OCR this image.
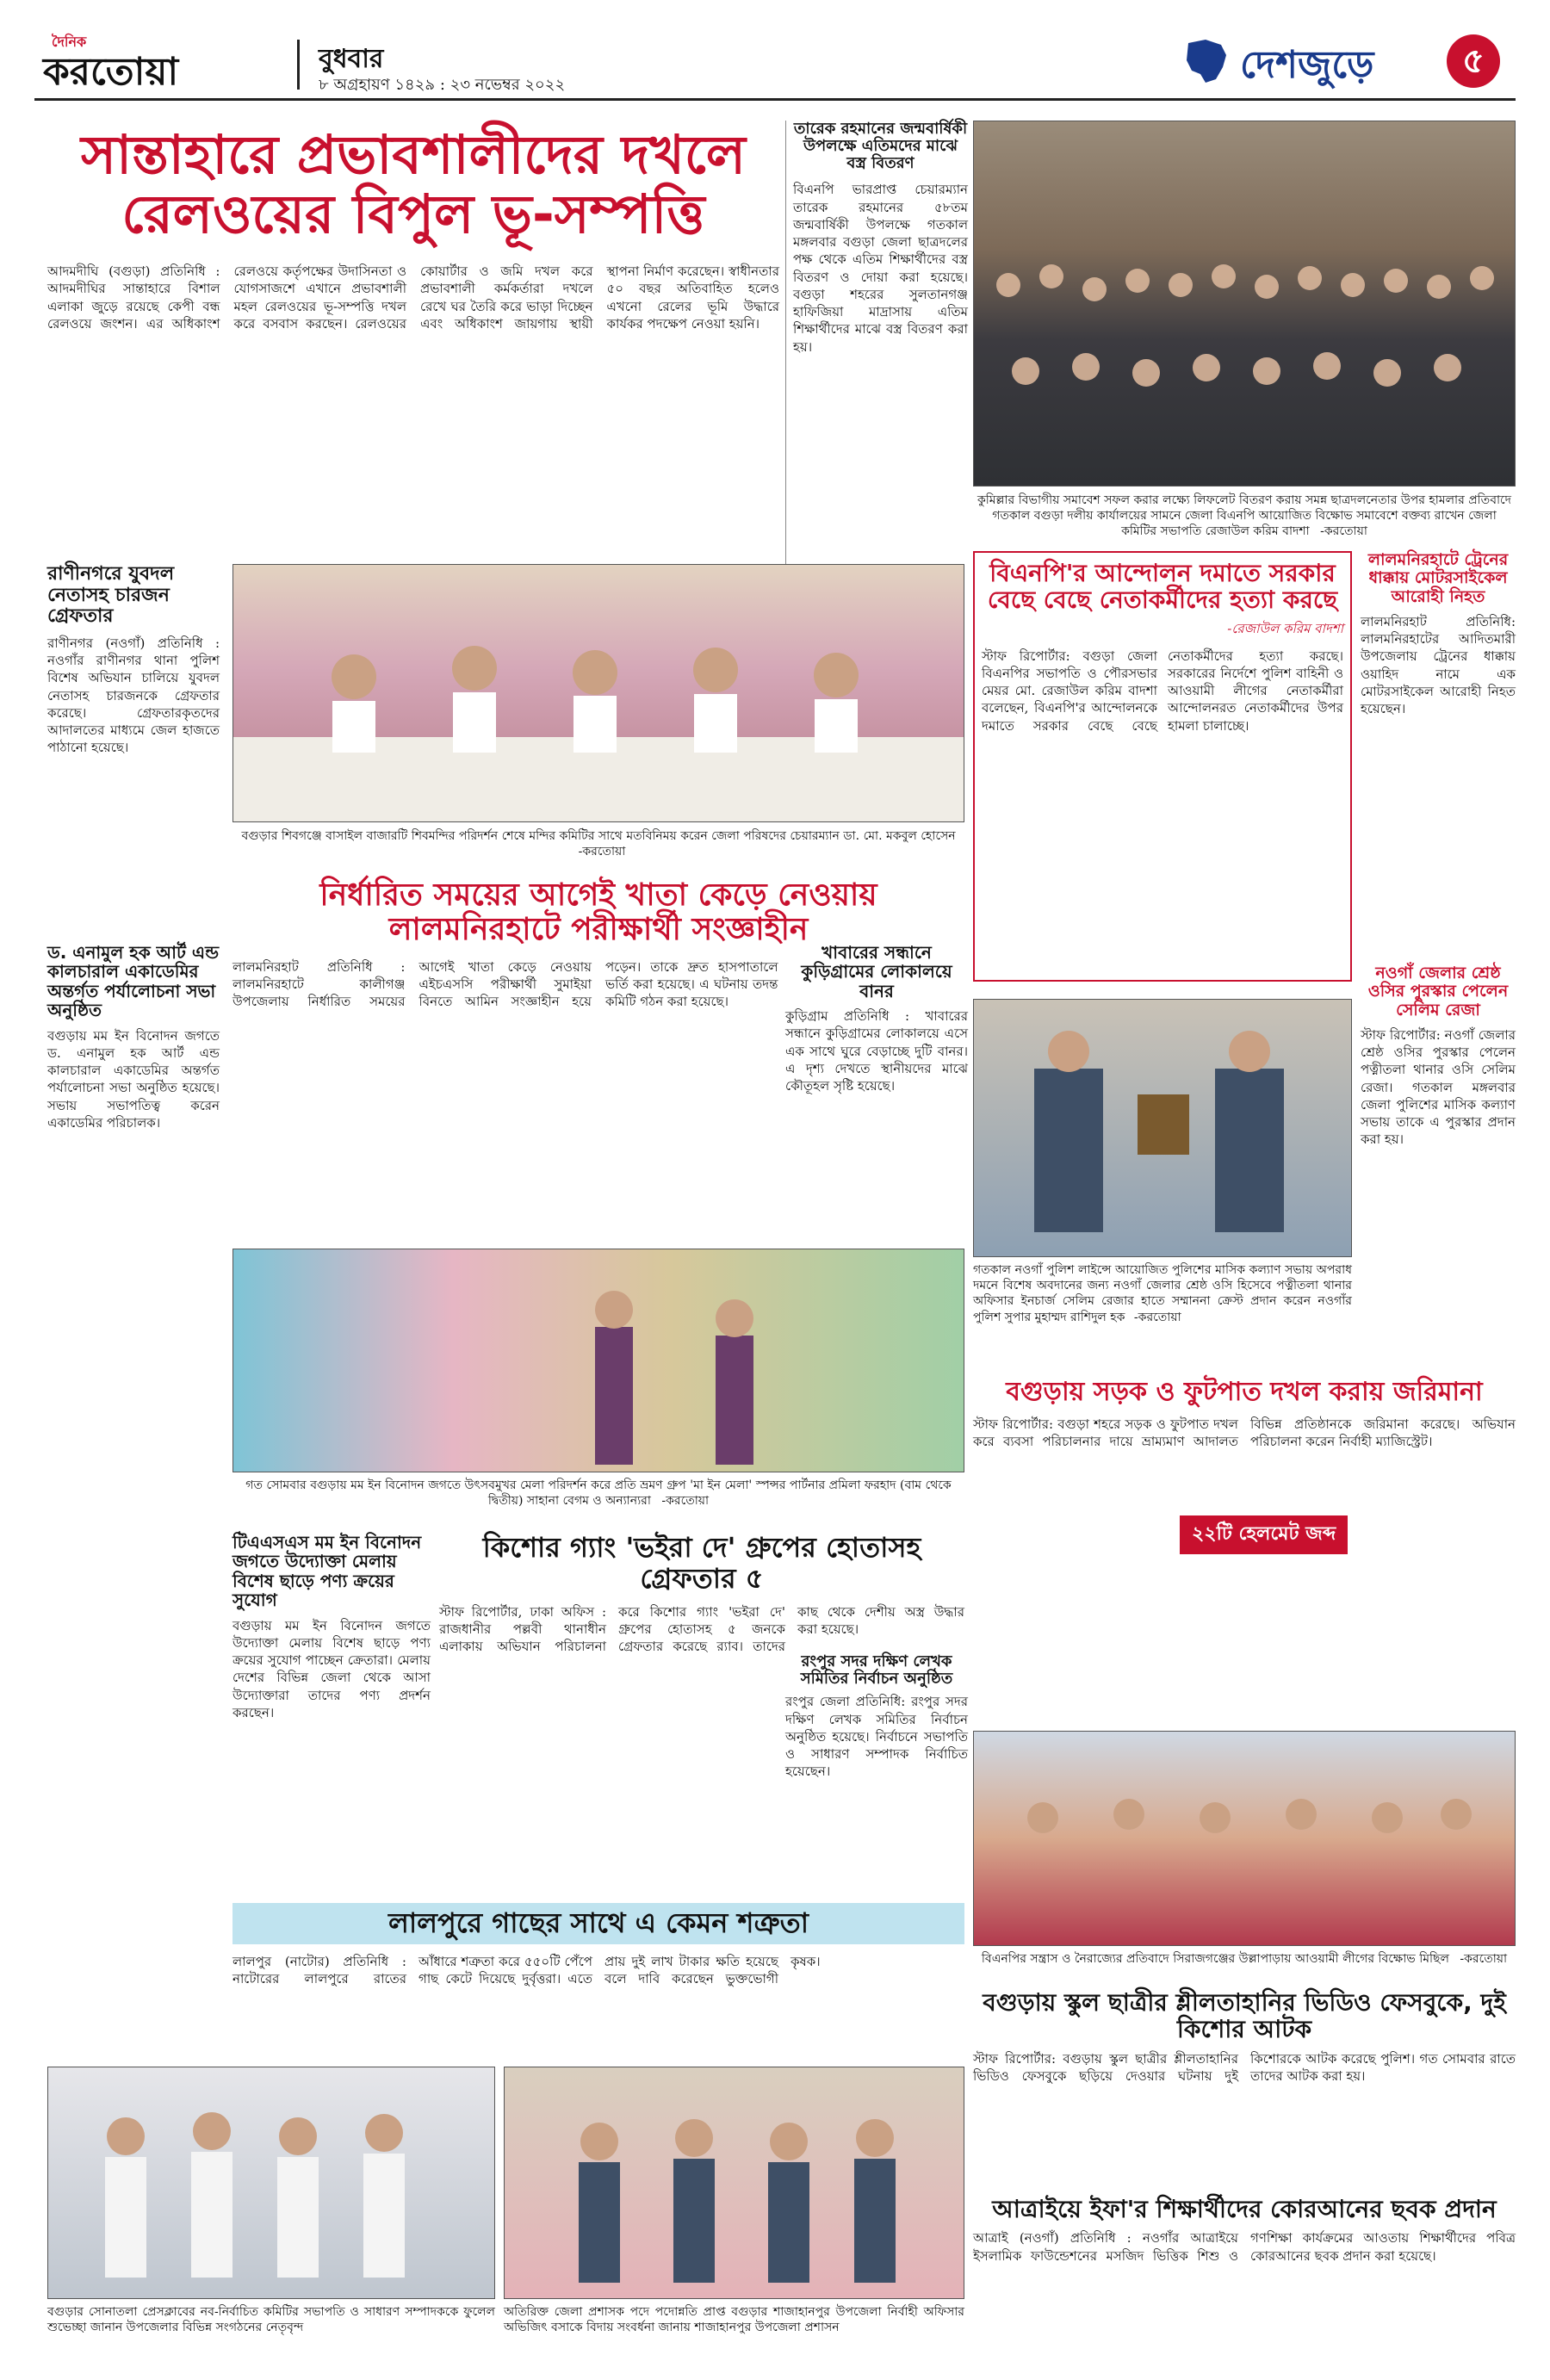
দৈনিক
করতোয়া	বুধবার
৮ অগ্রহায়ণ ১৪২৯ : ২৩ নভেম্বর ২০২২	দেশজুড়ে	৫

সান্তাহারে প্রভাবশালীদের দখলে রেলওয়ের বিপুল ভূ-সম্পত্তি

আদমদীঘি (বগুড়া) প্রতিনিধি : আদমদীঘির সান্তাহারে বিশাল এলাকা জুড়ে রয়েছে কেপী বন্ধ রেলওয়ে জংশন। এর অধিকাংশ রেলওয়ে কর্তৃপক্ষের উদাসিনতা ও যোগসাজশে এখানে প্রভাবশালী মহল রেলওয়ের ভূ-সম্পত্তি দখল করে বসবাস করছেন। রেলওয়ের কোয়ার্টার ও জমি দখল করে প্রভাবশালী কর্মকর্তারা দখলে রেখে ঘর তৈরি করে ভাড়া দিচ্ছেন এবং অধিকাংশ জায়গায় স্থায়ী স্থাপনা নির্মাণ করেছেন। স্বাধীনতার ৫০ বছর অতিবাহিত হলেও এখনো রেলের ভূমি উদ্ধারে কার্যকর পদক্ষেপ নেওয়া হয়নি।

তারেক রহমানের জন্মবার্ষিকী উপলক্ষে এতিমদের মাঝে বস্ত্র বিতরণ

বিএনপি ভারপ্রাপ্ত চেয়ারম্যান তারেক রহমানের ৫৮তম জন্মবার্ষিকী উপলক্ষে গতকাল মঙ্গলবার বগুড়া জেলা ছাত্রদলের পক্ষ থেকে এতিম শিক্ষার্থীদের বস্ত্র বিতরণ ও দোয়া করা হয়েছে। বগুড়া শহরের সুলতানগঞ্জ হাফিজিয়া মাদ্রাসায় এতিম শিক্ষার্থীদের মাঝে বস্ত্র বিতরণ করা হয়।
কুমিল্লার বিভাগীয় সমাবেশ সফল করার লক্ষ্যে লিফলেট বিতরণ করায় সমন্ন ছাত্রদলনেতার উপর হামলার প্রতিবাদে গতকাল বগুড়া দলীয় কার্যালয়ের সামনে জেলা বিএনপি আয়োজিত বিক্ষোভ সমাবেশে বক্তব্য রাখেন জেলা কমিটির সভাপতি রেজাউল করিম বাদশা -করতোয়া

বিএনপি'র আন্দোলন দমাতে সরকার বেছে বেছে নেতাকর্মীদের হত্যা করছে

-রেজাউল করিম বাদশা
স্টাফ রিপোর্টার: বগুড়া জেলা বিএনপির সভাপতি ও পৌরসভার মেয়র মো. রেজাউল করিম বাদশা বলেছেন, বিএনপি'র আন্দোলনকে দমাতে সরকার বেছে বেছে নেতাকর্মীদের হত্যা করছে। সরকারের নির্দেশে পুলিশ বাহিনী ও আওয়ামী লীগের নেতাকর্মীরা আন্দোলনরত নেতাকর্মীদের উপর হামলা চালাচ্ছে।

লালমনিরহাটে ট্রেনের ধাক্কায় মোটরসাইকেল আরোহী নিহত

লালমনিরহাট প্রতিনিধি: লালমনিরহাটের আদিতমারী উপজেলায় ট্রেনের ধাক্কায় ওয়াহিদ নামে এক মোটরসাইকেল আরোহী নিহত হয়েছেন।

নওগাঁ জেলার শ্রেষ্ঠ ওসির পুরস্কার পেলেন সেলিম রেজা

স্টাফ রিপোর্টার: নওগাঁ জেলার শ্রেষ্ঠ ওসির পুরস্কার পেলেন পত্নীতলা থানার ওসি সেলিম রেজা। গতকাল মঙ্গলবার জেলা পুলিশের মাসিক কল্যাণ সভায় তাকে এ পুরস্কার প্রদান করা হয়।
গতকাল নওগাঁ পুলিশ লাইন্সে আয়োজিত পুলিশের মাসিক কল্যাণ সভায় অপরাধ দমনে বিশেষ অবদানের জন্য নওগাঁ জেলার শ্রেষ্ঠ ওসি হিসেবে পত্নীতলা থানার অফিসার ইনচার্জ সেলিম রেজার হাতে সম্মাননা ক্রেস্ট প্রদান করেন নওগাঁর পুলিশ সুপার মুহাম্মদ রাশিদুল হক -করতোয়া

রাণীনগরে যুবদল নেতাসহ চারজন গ্রেফতার

রাণীনগর (নওগাঁ) প্রতিনিধি : নওগাঁর রাণীনগর থানা পুলিশ বিশেষ অভিযান চালিয়ে যুবদল নেতাসহ চারজনকে গ্রেফতার করেছে। গ্রেফতারকৃতদের আদালতের মাধ্যমে জেল হাজতে পাঠানো হয়েছে।
বগুড়ার শিবগঞ্জে বাসাইল বাজারটি শিবমন্দির পরিদর্শন শেষে মন্দির কমিটির সাথে মতবিনিময় করেন জেলা পরিষদের চেয়ারম্যান ডা. মো. মকবুল হোসেন -করতোয়া

নির্ধারিত সময়ের আগেই খাতা কেড়ে নেওয়ায় লালমনিরহাটে পরীক্ষার্থী সংজ্ঞাহীন

লালমনিরহাট প্রতিনিধি : লালমনিরহাটে কালীগঞ্জ উপজেলায় নির্ধারিত সময়ের আগেই খাতা কেড়ে নেওয়ায় এইচএসসি পরীক্ষার্থী সুমাইয়া বিনতে আমিন সংজ্ঞাহীন হয়ে পড়েন। তাকে দ্রুত হাসপাতালে ভর্তি করা হয়েছে। এ ঘটনায় তদন্ত কমিটি গঠন করা হয়েছে।

ড. এনামুল হক আর্ট এন্ড কালচারাল একাডেমির অন্তর্গত পর্যালোচনা সভা অনুষ্ঠিত

বগুড়ায় মম ইন বিনোদন জগতে ড. এনামুল হক আর্ট এন্ড কালচারাল একাডেমির অন্তর্গত পর্যালোচনা সভা অনুষ্ঠিত হয়েছে। সভায় সভাপতিত্ব করেন একাডেমির পরিচালক।
গত সোমবার বগুড়ায় মম ইন বিনোদন জগতে উৎসবমুখর মেলা পরিদর্শন করে প্রতি ভ্রমণ গ্রুপ 'মা ইন মেলা' স্পন্সর পার্টনার প্রমিলা ফরহাদ (বাম থেকে দ্বিতীয়) সাহানা বেগম ও অন্যান্যরা -করতোয়া

খাবারের সন্ধানে কুড়িগ্রামের লোকালয়ে বানর

কুড়িগ্রাম প্রতিনিধি : খাবারের সন্ধানে কুড়িগ্রামের লোকালয়ে এসে এক সাথে ঘুরে বেড়াচ্ছে দুটি বানর। এ দৃশ্য দেখতে স্থানীয়দের মাঝে কৌতূহল সৃষ্টি হয়েছে।

বগুড়ায় সড়ক ও ফুটপাত দখল করায় জরিমানা

স্টাফ রিপোর্টার: বগুড়া শহরে সড়ক ও ফুটপাত দখল করে ব্যবসা পরিচালনার দায়ে ভ্রাম্যমাণ আদালত বিভিন্ন প্রতিষ্ঠানকে জরিমানা করেছে। অভিযান পরিচালনা করেন নির্বাহী ম্যাজিস্ট্রেট।
২২টি হেলমেট জব্দ
বিএনপির সন্ত্রাস ও নৈরাজ্যের প্রতিবাদে সিরাজগঞ্জের উল্লাপাড়ায় আওয়ামী লীগের বিক্ষোভ মিছিল -করতোয়া

টিএএসএস মম ইন বিনোদন জগতে উদ্যোক্তা মেলায় বিশেষ ছাড়ে পণ্য ক্রয়ের সুযোগ

বগুড়ায় মম ইন বিনোদন জগতে উদ্যোক্তা মেলায় বিশেষ ছাড়ে পণ্য ক্রয়ের সুযোগ পাচ্ছেন ক্রেতারা। মেলায় দেশের বিভিন্ন জেলা থেকে আসা উদ্যোক্তারা তাদের পণ্য প্রদর্শন করছেন।

কিশোর গ্যাং 'ভইরা দে' গ্রুপের হোতাসহ গ্রেফতার ৫

স্টাফ রিপোর্টার, ঢাকা অফিস : রাজধানীর পল্লবী থানাধীন এলাকায় অভিযান পরিচালনা করে কিশোর গ্যাং 'ভইরা দে' গ্রুপের হোতাসহ ৫ জনকে গ্রেফতার করেছে র‍্যাব। তাদের কাছ থেকে দেশীয় অস্ত্র উদ্ধার করা হয়েছে।
লালপুরে গাছের সাথে এ কেমন শত্রুতা
লালপুর (নাটোর) প্রতিনিধি : নাটোরের লালপুরে রাতের আঁধারে শত্রুতা করে ৫৫০টি পেঁপে গাছ কেটে দিয়েছে দুর্বৃত্তরা। এতে প্রায় দুই লাখ টাকার ক্ষতি হয়েছে বলে দাবি করেছেন ভুক্তভোগী কৃষক।

রংপুর সদর দক্ষিণ লেখক সমিতির নির্বাচন অনুষ্ঠিত

রংপুর জেলা প্রতিনিধি: রংপুর সদর দক্ষিণ লেখক সমিতির নির্বাচন অনুষ্ঠিত হয়েছে। নির্বাচনে সভাপতি ও সাধারণ সম্পাদক নির্বাচিত হয়েছেন।

বগুড়ায় স্কুল ছাত্রীর শ্লীলতাহানির ভিডিও ফেসবুকে, দুই কিশোর আটক

স্টাফ রিপোর্টার: বগুড়ায় স্কুল ছাত্রীর শ্লীলতাহানির ভিডিও ফেসবুকে ছড়িয়ে দেওয়ার ঘটনায় দুই কিশোরকে আটক করেছে পুলিশ। গত সোমবার রাতে তাদের আটক করা হয়।

আত্রাইয়ে ইফা'র শিক্ষার্থীদের কোরআনের ছবক প্রদান

আত্রাই (নওগাঁ) প্রতিনিধি : নওগাঁর আত্রাইয়ে ইসলামিক ফাউন্ডেশনের মসজিদ ভিত্তিক শিশু ও গণশিক্ষা কার্যক্রমের আওতায় শিক্ষার্থীদের পবিত্র কোরআনের ছবক প্রদান করা হয়েছে।
বগুড়ার সোনাতলা প্রেসক্লাবের নব-নির্বাচিত কমিটির সভাপতি ও সাধারণ সম্পাদককে ফুলেল শুভেচ্ছা জানান উপজেলার বিভিন্ন সংগঠনের নেতৃবৃন্দ
অতিরিক্ত জেলা প্রশাসক পদে পদোন্নতি প্রাপ্ত বগুড়ার শাজাহানপুর উপজেলা নির্বাহী অফিসার অভিজিৎ বসাকে বিদায় সংবর্ধনা জানায় শাজাহানপুর উপজেলা প্রশাসন
